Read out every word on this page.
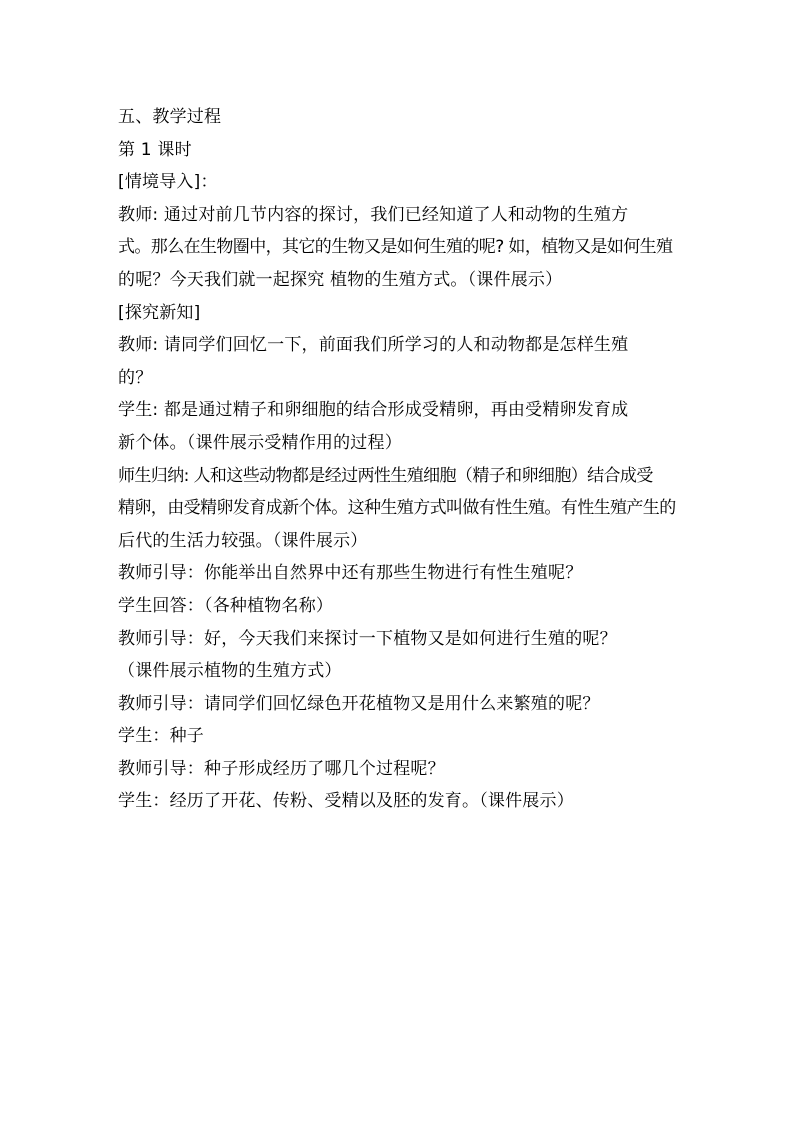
五、教学过程
第 1 课时
[情境导入]：
教师: 通过对前几节内容的探讨，我们已经知道了人和动物的生殖方
式。那么在生物圈中，其它的生物又是如何生殖的呢? 如，植物又是如何生殖
的呢？今天我们就一起探究 植物的生殖方式。（课件展示）
[探究新知]
教师: 请同学们回忆一下，前面我们所学习的人和动物都是怎样生殖
的？
学生: 都是通过精子和卵细胞的结合形成受精卵，再由受精卵发育成
新个体。（课件展示受精作用的过程）
师生归纳: 人和这些动物都是经过两性生殖细胞（精子和卵细胞）结合成受
精卵，由受精卵发育成新个体。这种生殖方式叫做有性生殖。有性生殖产生的
后代的生活力较强。（课件展示）
教师引导：你能举出自然界中还有那些生物进行有性生殖呢？
学生回答：（各种植物名称）
教师引导：好，今天我们来探讨一下植物又是如何进行生殖的呢？
（课件展示植物的生殖方式）
教师引导：请同学们回忆绿色开花植物又是用什么来繁殖的呢？
学生：种子
教师引导：种子形成经历了哪几个过程呢？
学生：经历了开花、传粉、受精以及胚的发育。（课件展示）
